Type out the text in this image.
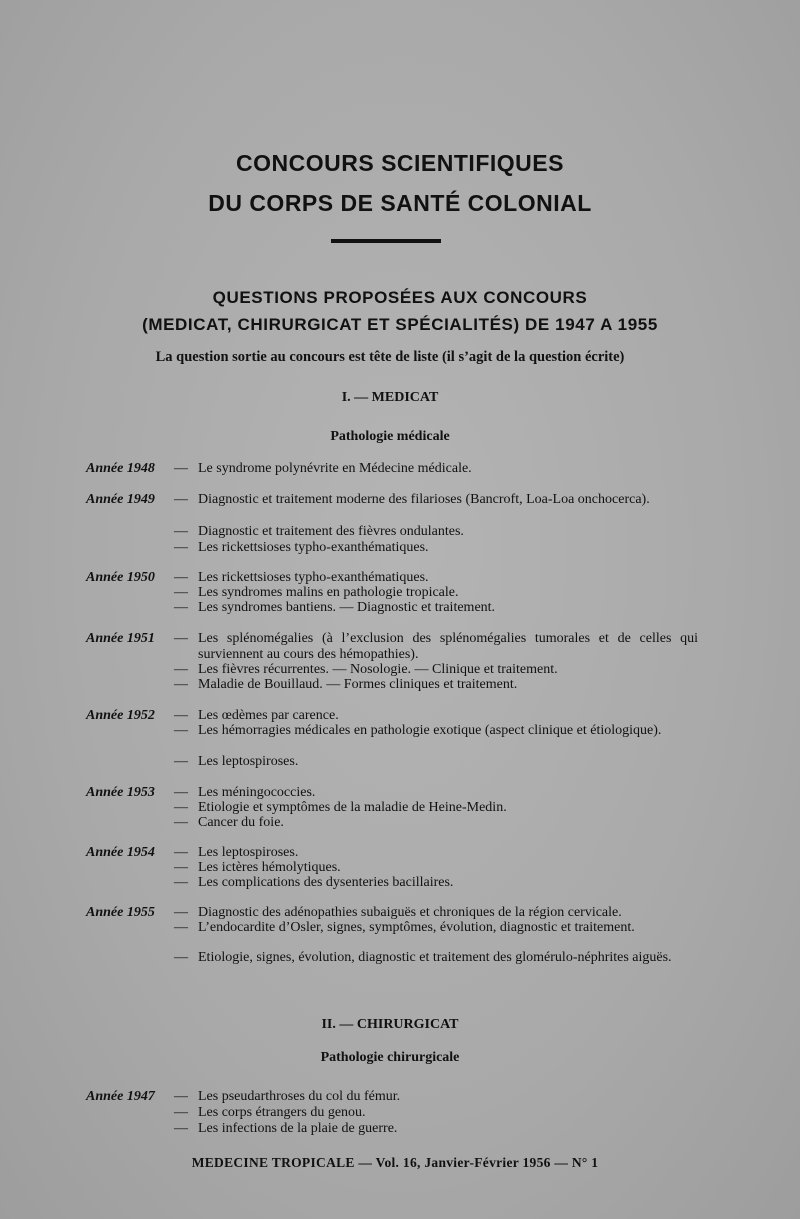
CONCOURS SCIENTIFIQUES
DU CORPS DE SANTÉ COLONIAL
QUESTIONS PROPOSÉES AUX CONCOURS
(MEDICAT, CHIRURGICAT ET SPÉCIALITÉS) DE 1947 A 1955
La question sortie au concours est tête de liste (il s’agit de la question écrite)
I. — MEDICAT
Pathologie médicale
Année 1948	— Le syndrome polynévrite en Médecine médicale.
Année 1949	— Diagnostic et traitement moderne des filarioses (Bancroft, Loa-Loa onchocerca).
— Diagnostic et traitement des fièvres ondulantes.
— Les rickettsioses typho-exanthématiques.
Année 1950	— Les rickettsioses typho-exanthématiques.
— Les syndromes malins en pathologie tropicale.
— Les syndromes bantiens. — Diagnostic et traitement.
Année 1951	— Les splénomégalies (à l’exclusion des splénomégalies tumorales et de celles qui surviennent au cours des hémopathies).
— Les fièvres récurrentes. — Nosologie. — Clinique et traitement.
— Maladie de Bouillaud. — Formes cliniques et traitement.
Année 1952	— Les œdèmes par carence.
— Les hémorragies médicales en pathologie exotique (aspect clinique et étiologique).
— Les leptospiroses.
Année 1953	— Les méningococcies.
— Etiologie et symptômes de la maladie de Heine-Medin.
— Cancer du foie.
Année 1954	— Les leptospiroses.
— Les ictères hémolytiques.
— Les complications des dysenteries bacillaires.
Année 1955	— Diagnostic des adénopathies subaiguës et chroniques de la région cervicale.
— L’endocardite d’Osler, signes, symptômes, évolution, diagnostic et traitement.
— Etiologie, signes, évolution, diagnostic et traitement des glomérulo-néphrites aiguës.
II. — CHIRURGICAT
Pathologie chirurgicale
Année 1947	— Les pseudarthroses du col du fémur.
— Les corps étrangers du genou.
— Les infections de la plaie de guerre.
MEDECINE TROPICALE — Vol. 16, Janvier-Février 1956 — N° 1
